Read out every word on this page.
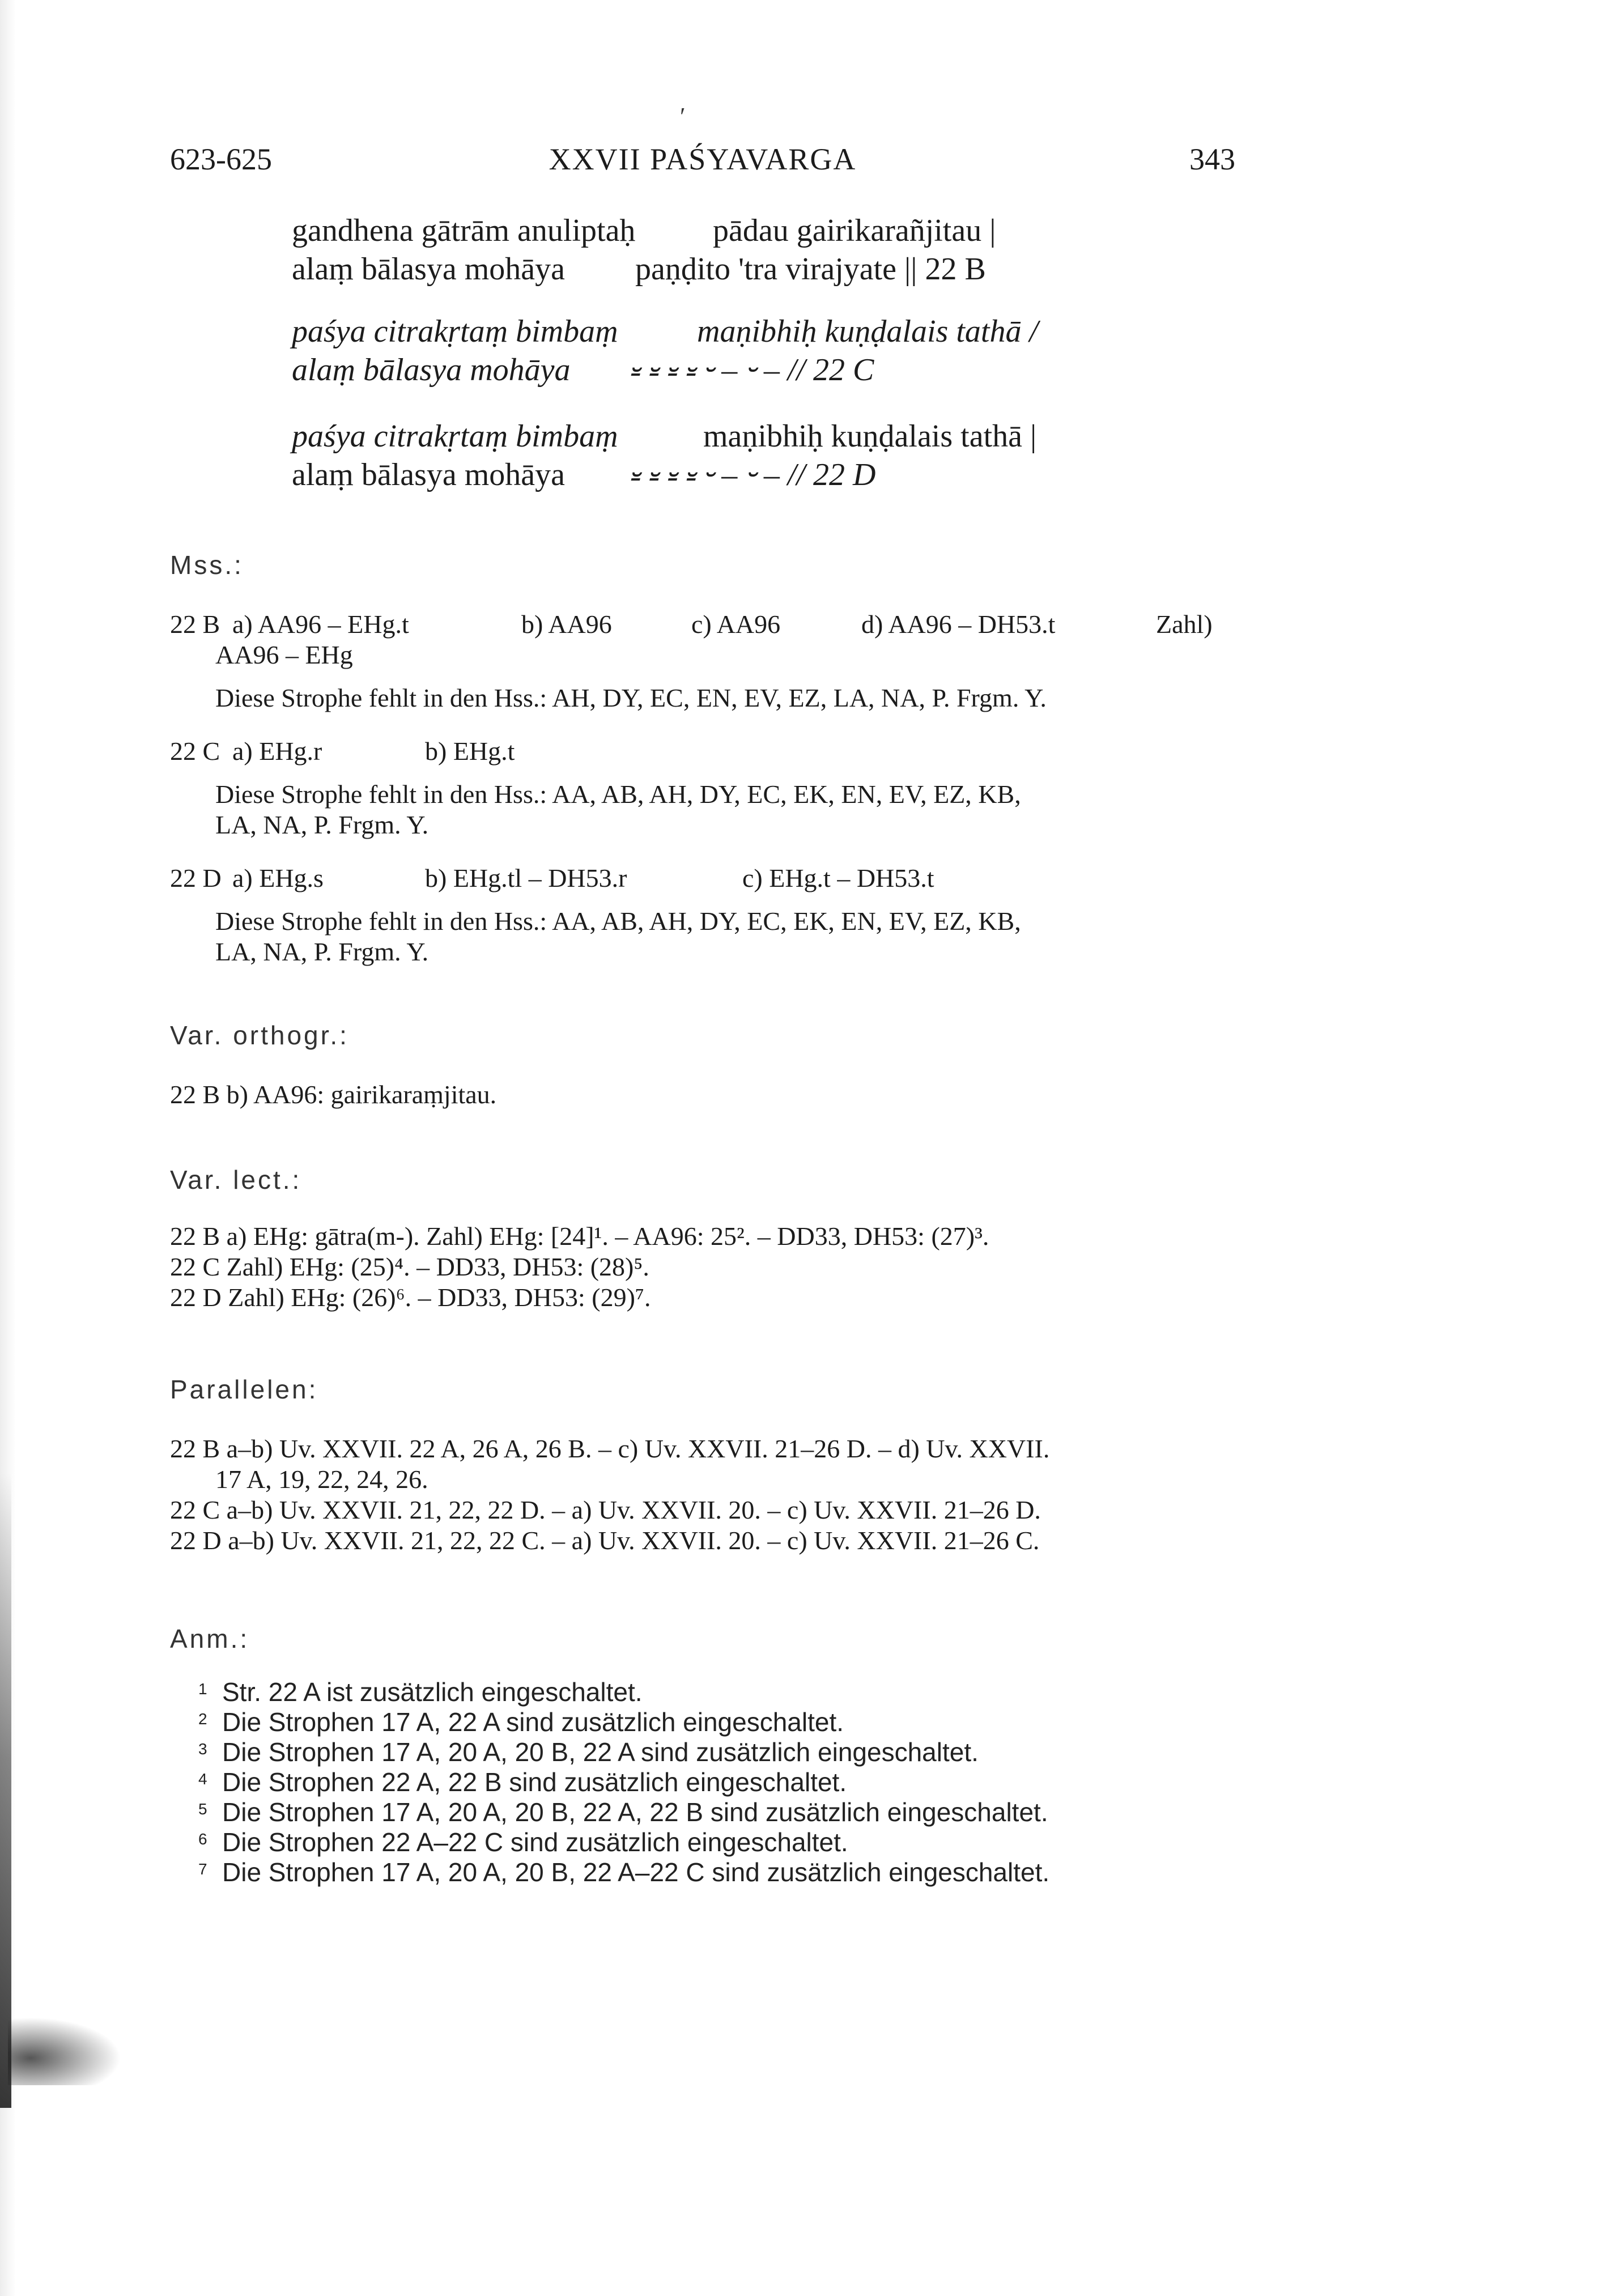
ʹ
623-625	XXVII PAŚYAVARGA	343
gandhena gātrām anuliptaḥ pādau gairikarañjitau |
alaṃ bālasya mohāya paṇḍito 'tra virajyate || 22 B
paśya citrakṛtaṃ bimbaṃ maṇibhiḥ kuṇḍalais tathā /
alaṃ bālasya mohāya ⏓ ⏓ ⏓ ⏓ ⏑ – ⏑ – // 22 C
paśya citrakṛtaṃ bimbaṃ	maṇibhiḥ kuṇḍalais tathā |
alaṃ bālasya mohāya ⏓ ⏓ ⏓ ⏓ ⏑ – ⏑ – // 22 D
Mss.:
22 B a) AA96 – EHg.t	b) AA96	c) AA96	d) AA96 – DH53.t	Zahl)
AA96 – EHg
Diese Strophe fehlt in den Hss.: AH, DY, EC, EN, EV, EZ, LA, NA, P. Frgm. Y.
22 C a) EHg.r	b) EHg.t
Diese Strophe fehlt in den Hss.: AA, AB, AH, DY, EC, EK, EN, EV, EZ, KB,
LA, NA, P. Frgm. Y.
22 D a) EHg.s	b) EHg.tl – DH53.r	c) EHg.t – DH53.t
Diese Strophe fehlt in den Hss.: AA, AB, AH, DY, EC, EK, EN, EV, EZ, KB,
LA, NA, P. Frgm. Y.
Var. orthogr.:
22 B b) AA96: gairikaraṃjitau.
Var. lect.:
22 B a) EHg: gātra(m-). Zahl) EHg: [24]¹. – AA96: 25². – DD33, DH53: (27)³.
22 C Zahl) EHg: (25)⁴. – DD33, DH53: (28)⁵.
22 D Zahl) EHg: (26)⁶. – DD33, DH53: (29)⁷.
Parallelen:
22 B a–b) Uv. XXVII. 22 A, 26 A, 26 B. – c) Uv. XXVII. 21–26 D. – d) Uv. XXVII.
17 A, 19, 22, 24, 26.
22 C a–b) Uv. XXVII. 21, 22, 22 D. – a) Uv. XXVII. 20. – c) Uv. XXVII. 21–26 D.
22 D a–b) Uv. XXVII. 21, 22, 22 C. – a) Uv. XXVII. 20. – c) Uv. XXVII. 21–26 C.
Anm.:
1 Str. 22 A ist zusätzlich eingeschaltet.
2 Die Strophen 17 A, 22 A sind zusätzlich eingeschaltet.
3 Die Strophen 17 A, 20 A, 20 B, 22 A sind zusätzlich eingeschaltet.
4 Die Strophen 22 A, 22 B sind zusätzlich eingeschaltet.
5 Die Strophen 17 A, 20 A, 20 B, 22 A, 22 B sind zusätzlich eingeschaltet.
6 Die Strophen 22 A–22 C sind zusätzlich eingeschaltet.
7 Die Strophen 17 A, 20 A, 20 B, 22 A–22 C sind zusätzlich eingeschaltet.
